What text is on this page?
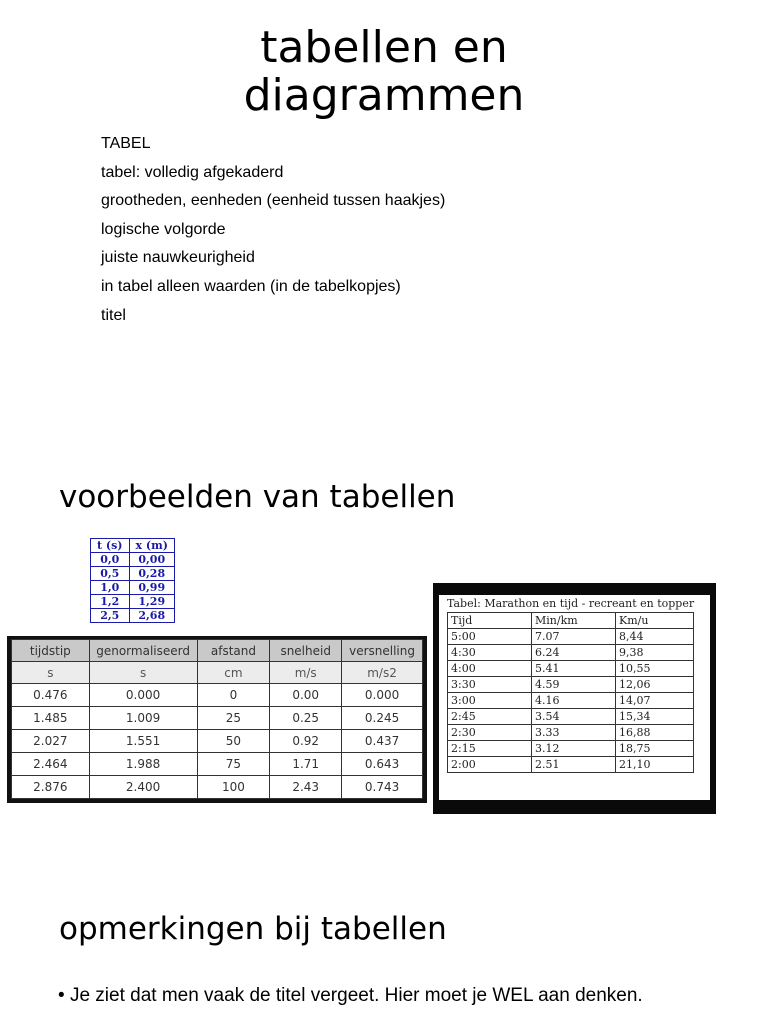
tabellen en diagrammen
TABEL
tabel: volledig afgekaderd
grootheden, eenheden (eenheid tussen haakjes)
logische volgorde
juiste nauwkeurigheid
in tabel alleen waarden (in de tabelkopjes)
titel
voorbeelden van tabellen
t (s)	x (m)
0,0	0,00
0,5	0,28
1,0	0,99
1,2	1,29
2,5	2,68
tijdstip	genormaliseerd	afstand	snelheid	versnelling
s	s	cm	m/s	m/s2
0.476	0.000	0	0.00	0.000
1.485	1.009	25	0.25	0.245
2.027	1.551	50	0.92	0.437
2.464	1.988	75	1.71	0.643
2.876	2.400	100	2.43	0.743
Tabel: Marathon en tijd - recreant en topper
Tijd	Min/km	Km/u
5:00	7.07	8,44
4:30	6.24	9,38
4:00	5.41	10,55
3:30	4.59	12,06
3:00	4.16	14,07
2:45	3.54	15,34
2:30	3.33	16,88
2:15	3.12	18,75
2:00	2.51	21,10
opmerkingen bij tabellen
• Je ziet dat men vaak de titel vergeet. Hier moet je WEL aan denken.
